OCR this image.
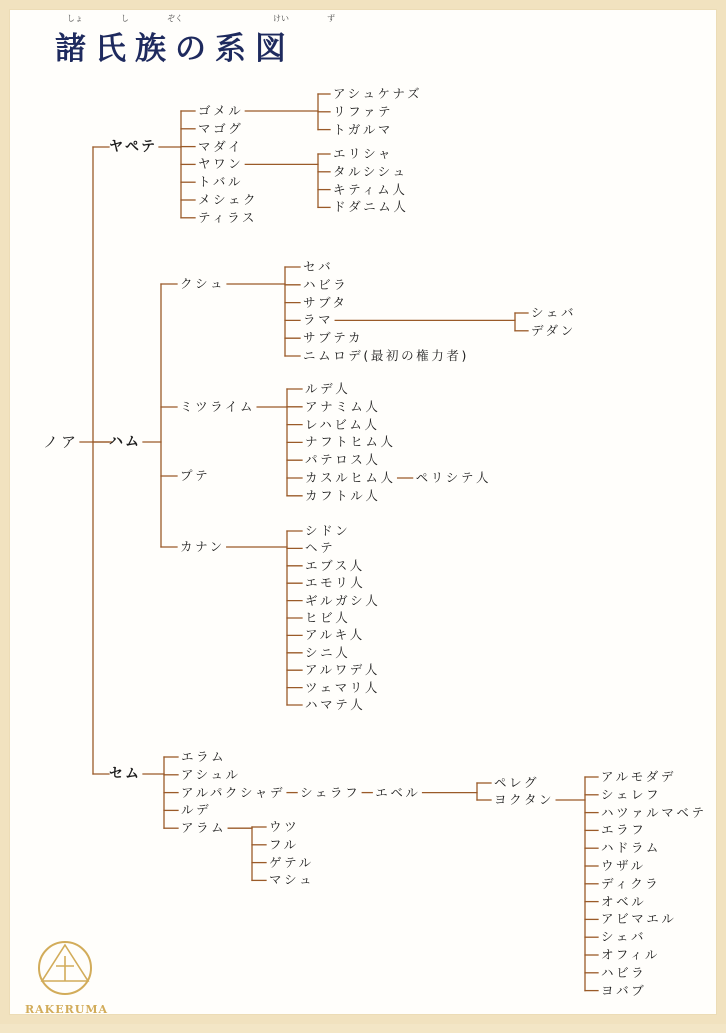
諸氏族の系図
しょ	し	ぞく	けい	ず
ノア
ヤペテ
ハム
セム
ゴメル
マゴグ
マダイ
ヤワン
トバル
メシェク
ティラス
アシュケナズ
リファテ
トガルマ
エリシャ
タルシシュ
キティム人
ドダニム人
クシュ
ミツライム
プテ
カナン
セバ
ハビラ
サブタ
ラマ
サブテカ
ニムロデ(最初の権力者)
シェバ
デダン
ルデ人
アナミム人
レハビム人
ナフトヒム人
パテロス人
カスルヒム人
カフトル人
ペリシテ人
シドン
ヘテ
エブス人
エモリ人
ギルガシ人
ヒビ人
アルキ人
シニ人
アルワデ人
ツェマリ人
ハマテ人
エラム
アシュル
アルパクシャデ
ルデ
アラム
シェラフ エベル
ペレグ
ヨクタン
アルモダデ
シェレフ
ハツァルマベテ
エラフ
ハドラム
ウザル
ディクラ
オベル
アビマエル
シェバ
オフィル
ハビラ
ヨバブ
ウツ
フル
ゲテル
マシュ
RAKERUMA
